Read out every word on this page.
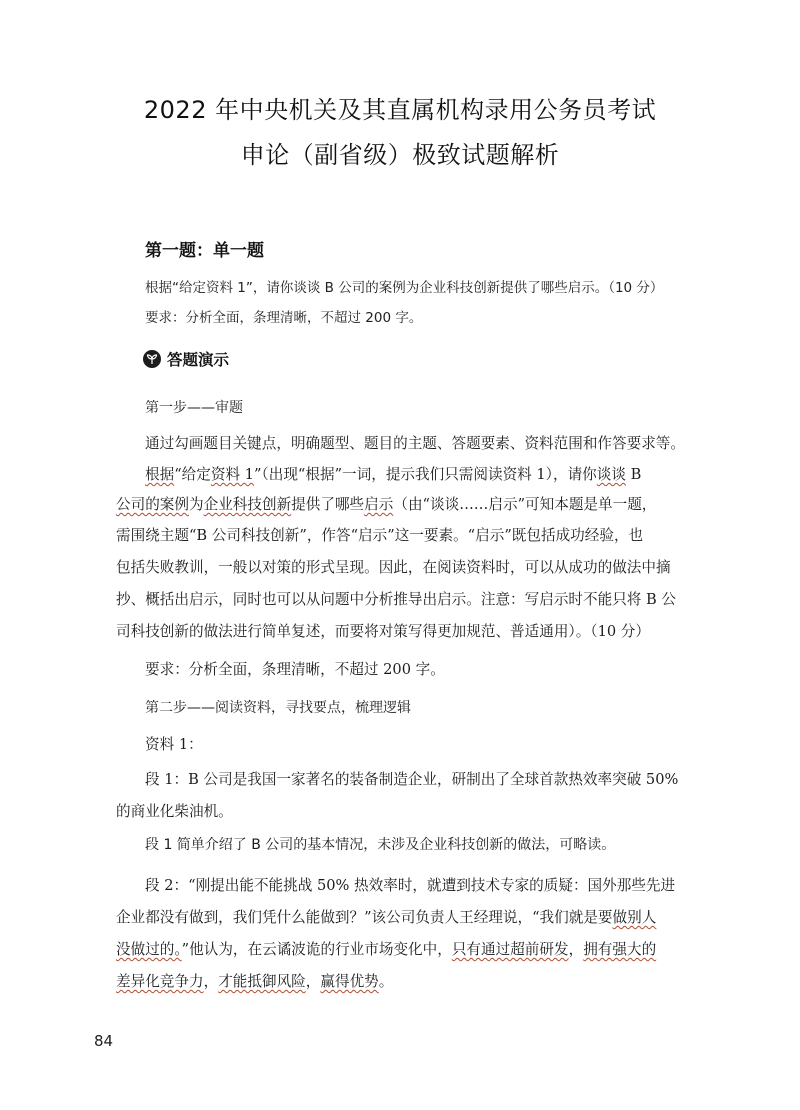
2022 年中央机关及其直属机构录用公务员考试
申论（副省级）极致试题解析
第一题：单一题
根据“给定资料 1”，请你谈谈 B 公司的案例为企业科技创新提供了哪些启示。（10 分）
要求：分析全面，条理清晰，不超过 200 字。
答题演示
第一步——审题
通过勾画题目关键点，明确题型、题目的主题、答题要素、资料范围和作答要求等。
根据“给定资料 1”（出现“根据”一词，提示我们只需阅读资料 1），请你谈谈 B
公司的案例为企业科技创新提供了哪些启示（由“谈谈……启示”可知本题是单一题，
需围绕主题“B 公司科技创新”，作答“启示”这一要素。“启示”既包括成功经验，也
包括失败教训，一般以对策的形式呈现。因此，在阅读资料时，可以从成功的做法中摘
抄、概括出启示，同时也可以从问题中分析推导出启示。注意：写启示时不能只将 B 公
司科技创新的做法进行简单复述，而要将对策写得更加规范、普适通用）。（10 分）
要求：分析全面，条理清晰，不超过 200 字。
第二步——阅读资料，寻找要点，梳理逻辑
资料 1：
段 1：B 公司是我国一家著名的装备制造企业，研制出了全球首款热效率突破 50%
的商业化柴油机。
段 1 简单介绍了 B 公司的基本情况，未涉及企业科技创新的做法，可略读。
段 2：“刚提出能不能挑战 50% 热效率时，就遭到技术专家的质疑：国外那些先进
企业都没有做到，我们凭什么能做到？”该公司负责人王经理说，“我们就是要做别人
没做过的。”他认为，在云谲波诡的行业市场变化中，只有通过超前研发，拥有强大的
差异化竞争力，才能抵御风险，赢得优势。
84
